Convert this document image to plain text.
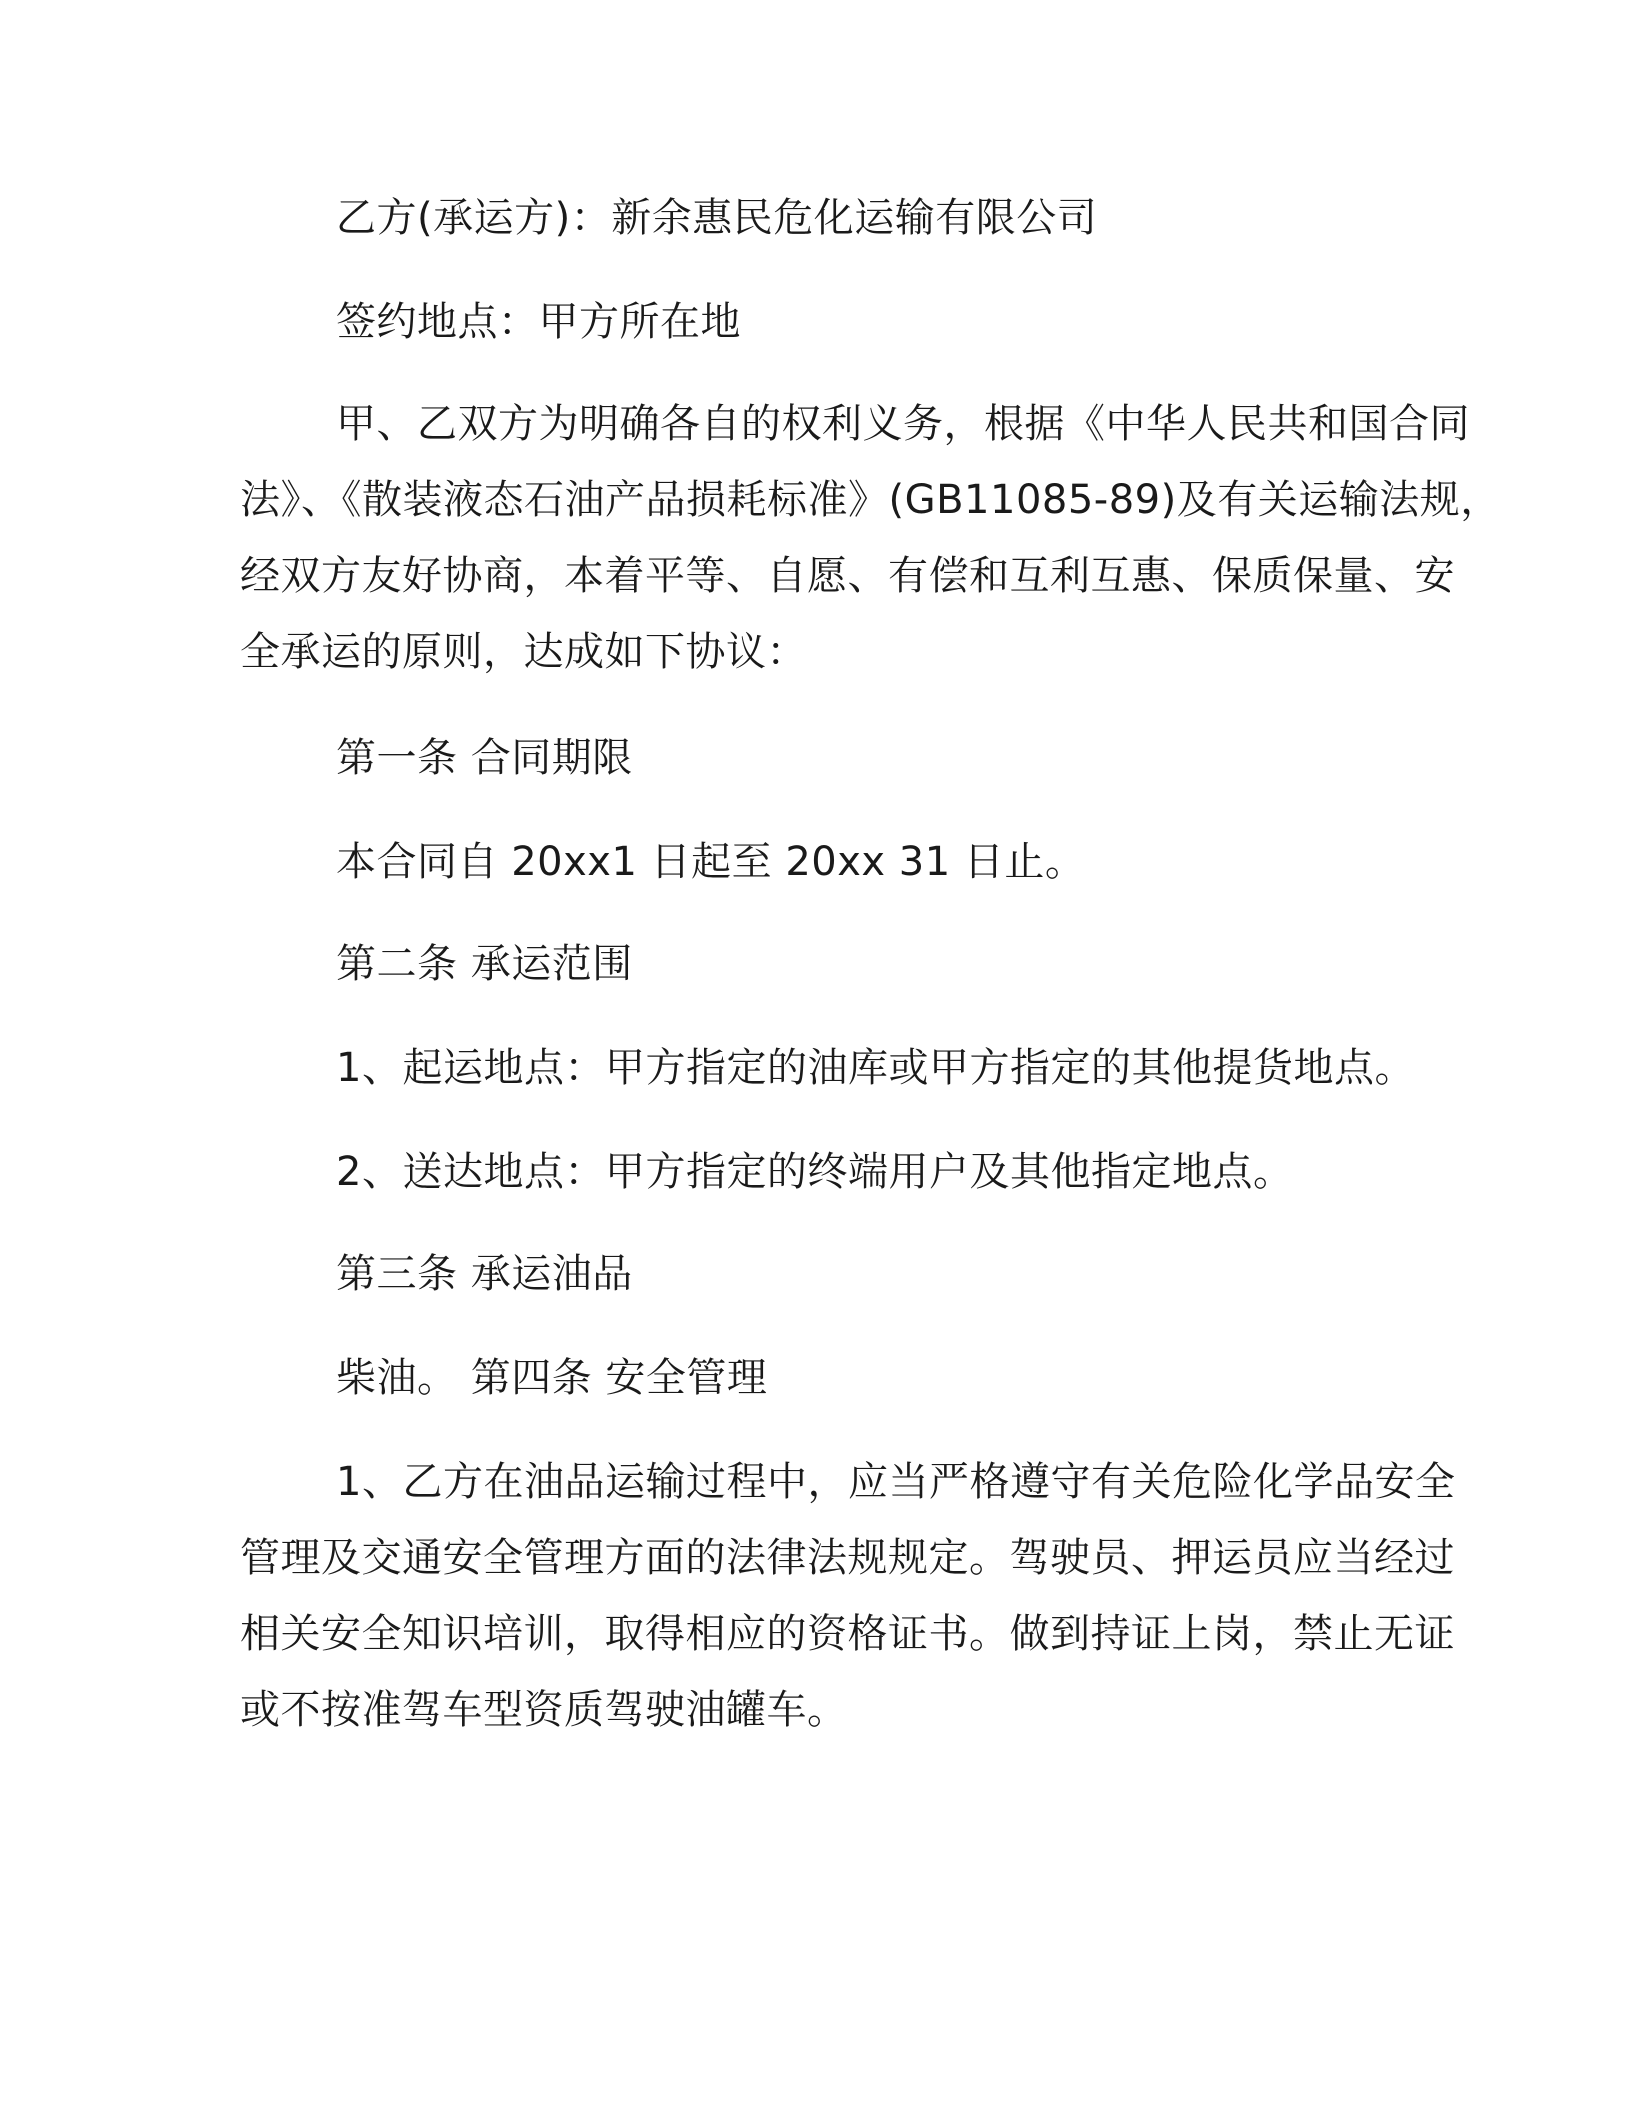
乙方(承运方)：新余惠民危化运输有限公司
签约地点：甲方所在地
甲、乙双方为明确各自的权利义务，根据《中华人民共和国合同
法》、《散装液态石油产品损耗标准》(GB11085-89)及有关运输法规，
经双方友好协商，本着平等、自愿、有偿和互利互惠、保质保量、安
全承运的原则，达成如下协议：
第一条 合同期限
本合同自 20xx1 日起至 20xx 31 日止。
第二条 承运范围
1、起运地点：甲方指定的油库或甲方指定的其他提货地点。
2、送达地点：甲方指定的终端用户及其他指定地点。
第三条 承运油品
柴油。 第四条 安全管理
1、乙方在油品运输过程中，应当严格遵守有关危险化学品安全
管理及交通安全管理方面的法律法规规定。驾驶员、押运员应当经过
相关安全知识培训，取得相应的资格证书。做到持证上岗，禁止无证
或不按准驾车型资质驾驶油罐车。
